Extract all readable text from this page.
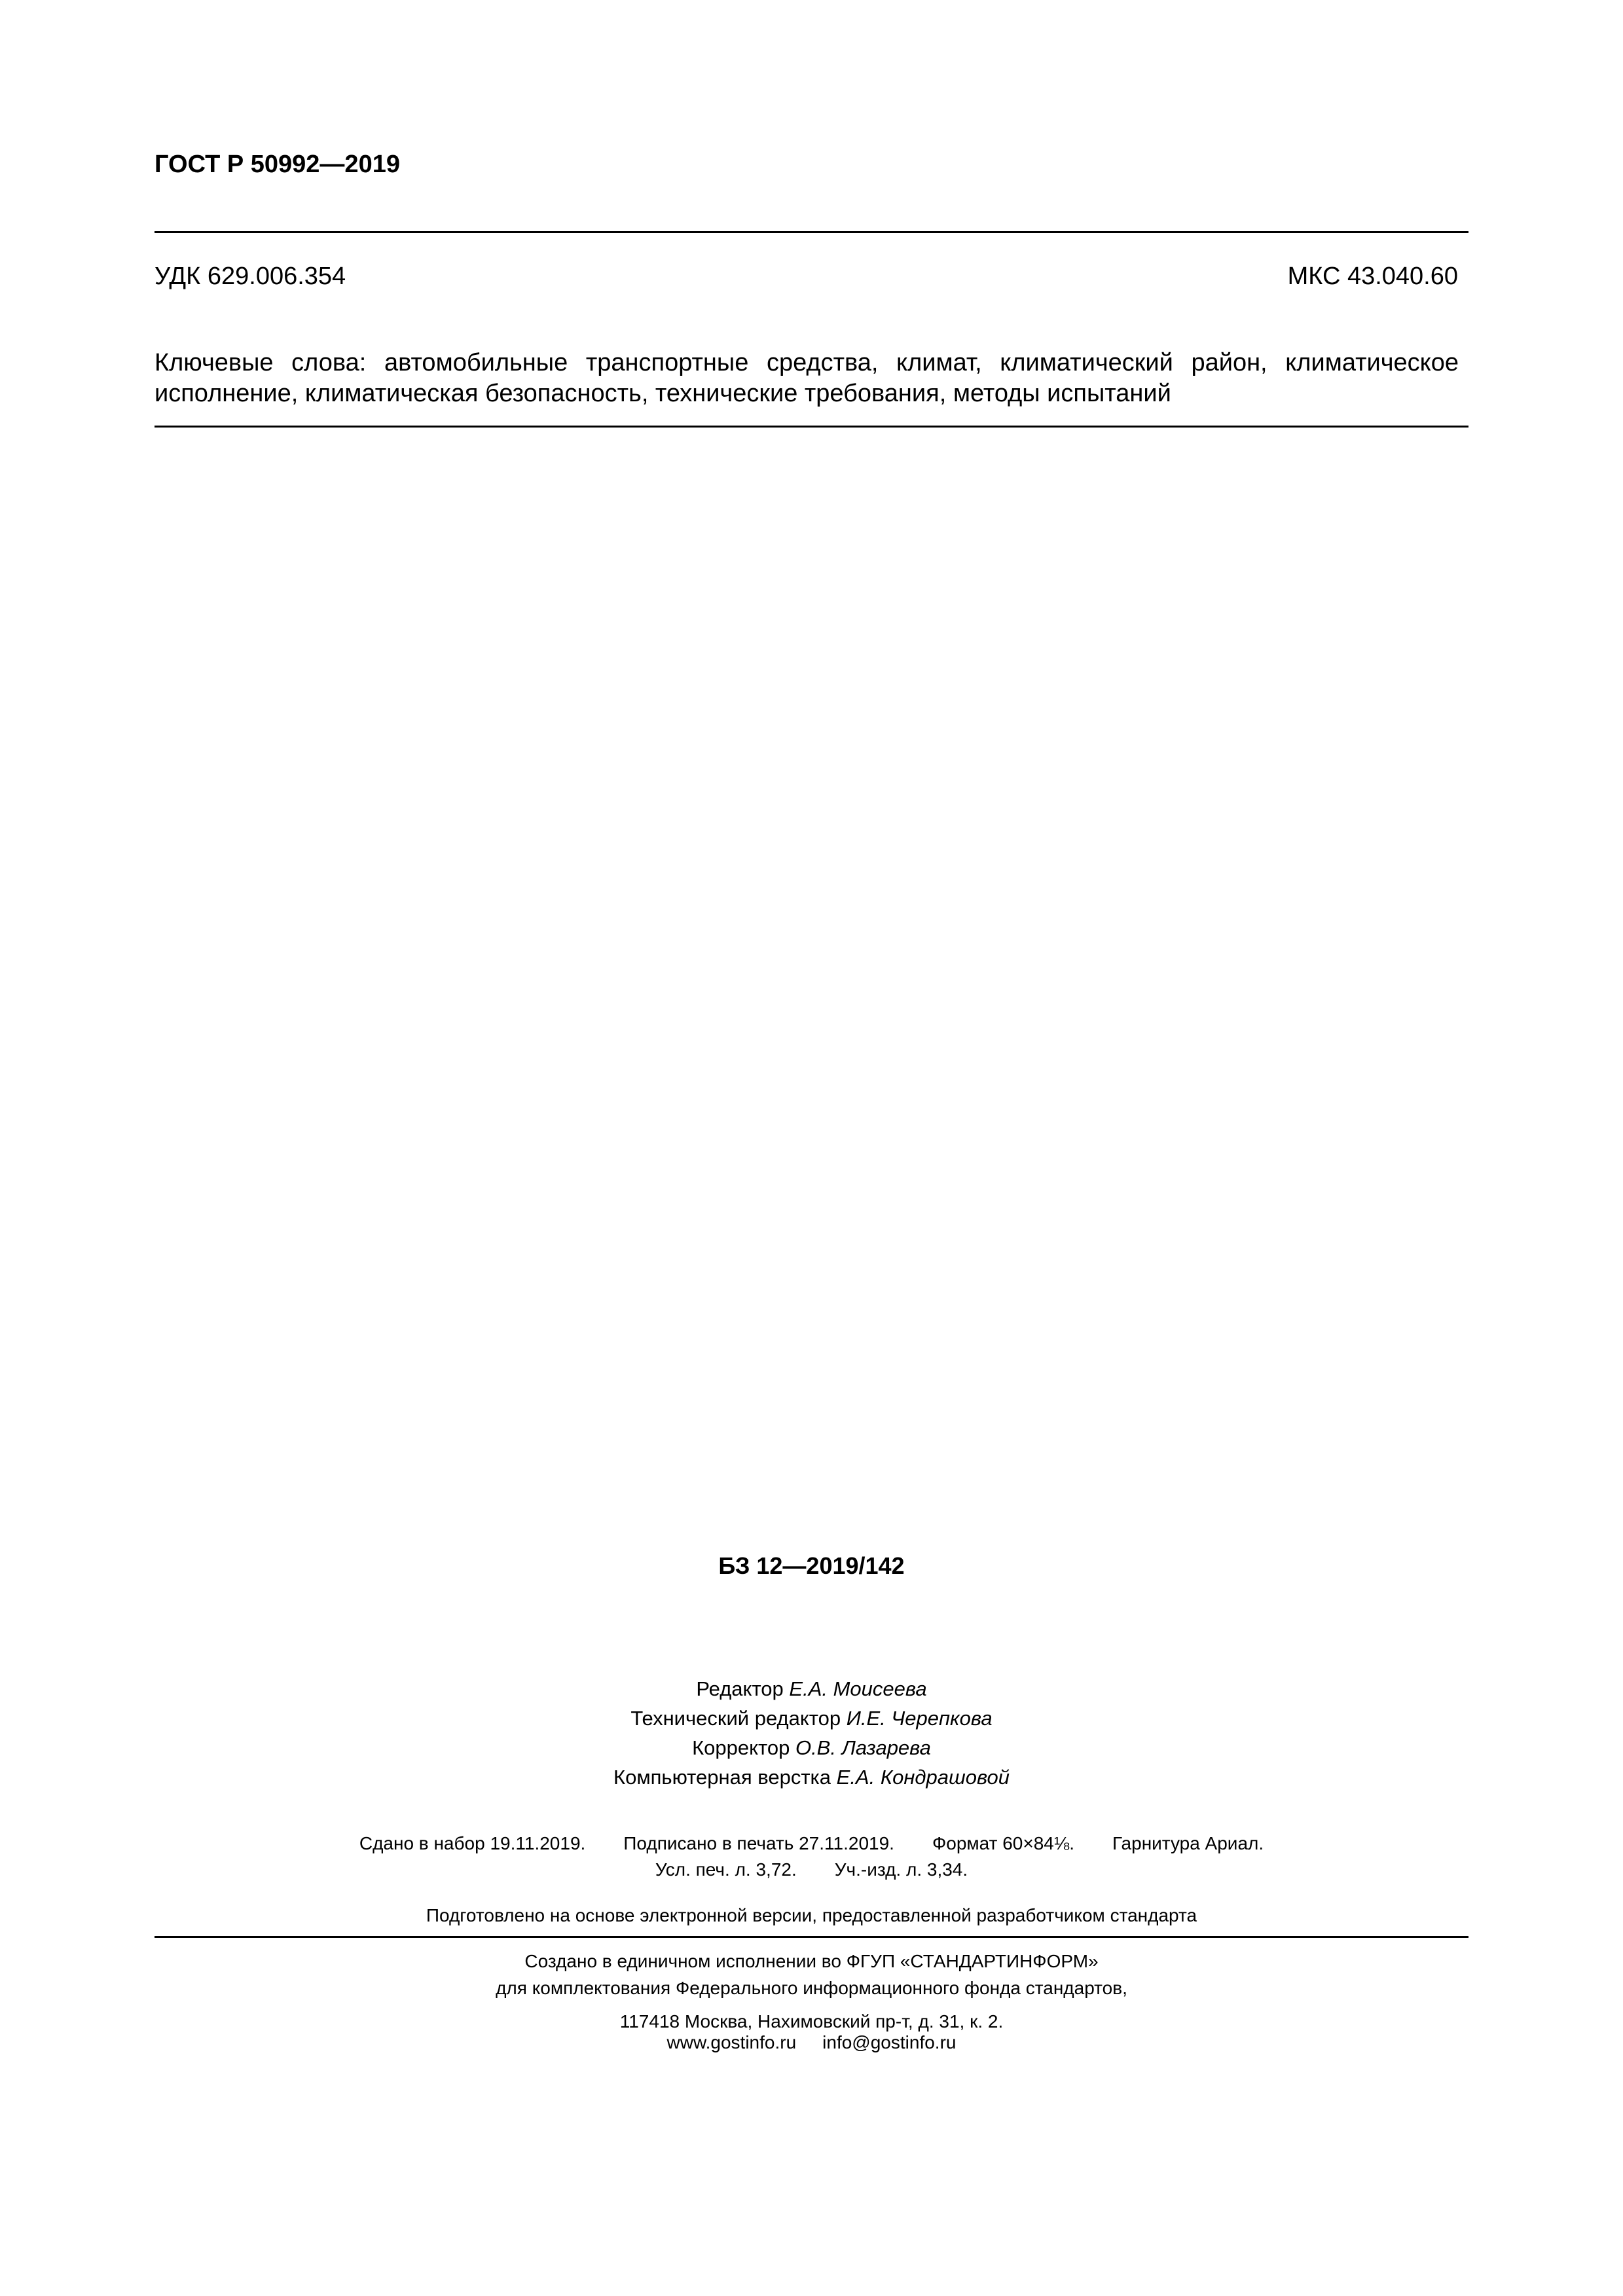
ГОСТ Р 50992—2019
УДК 629.006.354	МКС 43.040.60
Ключевые слова: автомобильные транспортные средства, климат, климатический район, климатическое исполнение, климатическая безопасность, технические требования, методы испытаний
БЗ 12—2019/142
Редактор Е.А. Моисеева
Технический редактор И.Е. Черепкова
Корректор О.В. Лазарева
Компьютерная верстка Е.А. Кондрашовой
Сдано в набор 19.11.2019. Подписано в печать 27.11.2019. Формат 60×84⅛. Гарнитура Ариал.
Усл. печ. л. 3,72. Уч.-изд. л. 3,34.
Подготовлено на основе электронной версии, предоставленной разработчиком стандарта
Создано в единичном исполнении во ФГУП «СТАНДАРТИНФОРМ»
для комплектования Федерального информационного фонда стандартов,
117418 Москва, Нахимовский пр-т, д. 31, к. 2.
www.gostinfo.ru info@gostinfo.ru
